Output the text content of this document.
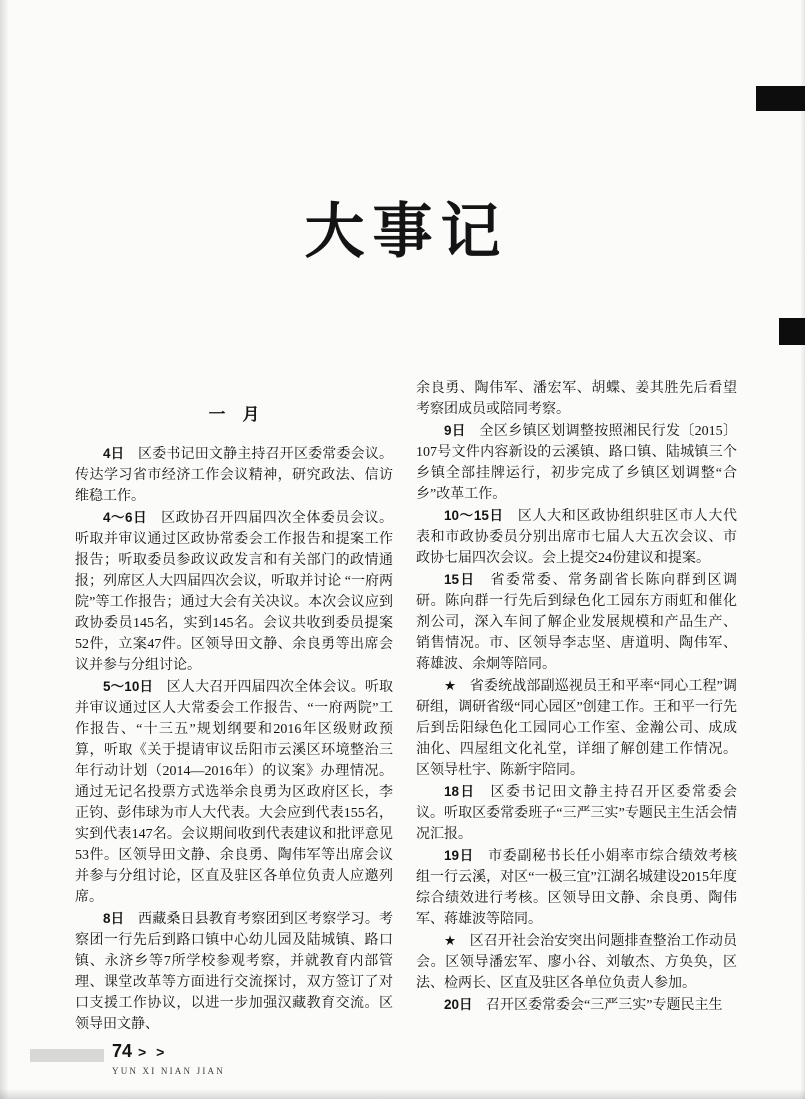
大事记
一　月

4日　区委书记田文静主持召开区委常委会议。传达学习省市经济工作会议精神，研究政法、信访维稳工作。

4～6日　区政协召开四届四次全体委员会议。听取并审议通过区政协常委会工作报告和提案工作报告；听取委员参政议政发言和有关部门的政情通报；列席区人大四届四次会议，听取并讨论 “一府两院”等工作报告；通过大会有关决议。本次会议应到政协委员145名，实到145名。会议共收到委员提案52件，立案47件。区领导田文静、余良勇等出席会议并参与分组讨论。

5～10日　区人大召开四届四次全体会议。听取并审议通过区人大常委会工作报告、“一府两院”工作报告、“十三五”规划纲要和2016年区级财政预算，听取《关于提请审议岳阳市云溪区环境整治三年行动计划（2014—2016年）的议案》办理情况。通过无记名投票方式选举余良勇为区政府区长，李正钧、彭伟球为市人大代表。大会应到代表155名，实到代表147名。会议期间收到代表建议和批评意见53件。区领导田文静、余良勇、陶伟军等出席会议并参与分组讨论，区直及驻区各单位负责人应邀列席。

8日　西藏桑日县教育考察团到区考察学习。考察团一行先后到路口镇中心幼儿园及陆城镇、路口镇、永济乡等7所学校参观考察，并就教育内部管理、课堂改革等方面进行交流探讨，双方签订了对口支援工作协议，以进一步加强汉藏教育交流。区领导田文静、

余良勇、陶伟军、潘宏军、胡蝶、姜其胜先后看望考察团成员或陪同考察。

9日　全区乡镇区划调整按照湘民行发〔2015〕107号文件内容新设的云溪镇、路口镇、陆城镇三个乡镇全部挂牌运行，初步完成了乡镇区划调整“合乡”改革工作。

10～15日　区人大和区政协组织驻区市人大代表和市政协委员分别出席市七届人大五次会议、市政协七届四次会议。会上提交24份建议和提案。

15日　省委常委、常务副省长陈向群到区调研。陈向群一行先后到绿色化工园东方雨虹和催化剂公司，深入车间了解企业发展规模和产品生产、销售情况。市、区领导李志坚、唐道明、陶伟军、蒋雄波、余炯等陪同。

★　省委统战部副巡视员王和平率“同心工程”调研组，调研省级“同心园区”创建工作。王和平一行先后到岳阳绿色化工园同心工作室、金瀚公司、成成油化、四屋组文化礼堂，详细了解创建工作情况。区领导杜宇、陈新宇陪同。

18日　区委书记田文静主持召开区委常委会议。听取区委常委班子“三严三实”专题民主生活会情况汇报。

19日　市委副秘书长任小娟率市综合绩效考核组一行云溪，对区“一极三宜”江湖名城建设2015年度综合绩效进行考核。区领导田文静、余良勇、陶伟军、蒋雄波等陪同。

★　区召开社会治安突出问题排查整治工作动员会。区领导潘宏军、廖小谷、刘敏杰、方奂奂，区法、检两长、区直及驻区各单位负责人参加。

20日　召开区委常委会“三严三实”专题民主生

74 > >
YUN XI NIAN JIAN
